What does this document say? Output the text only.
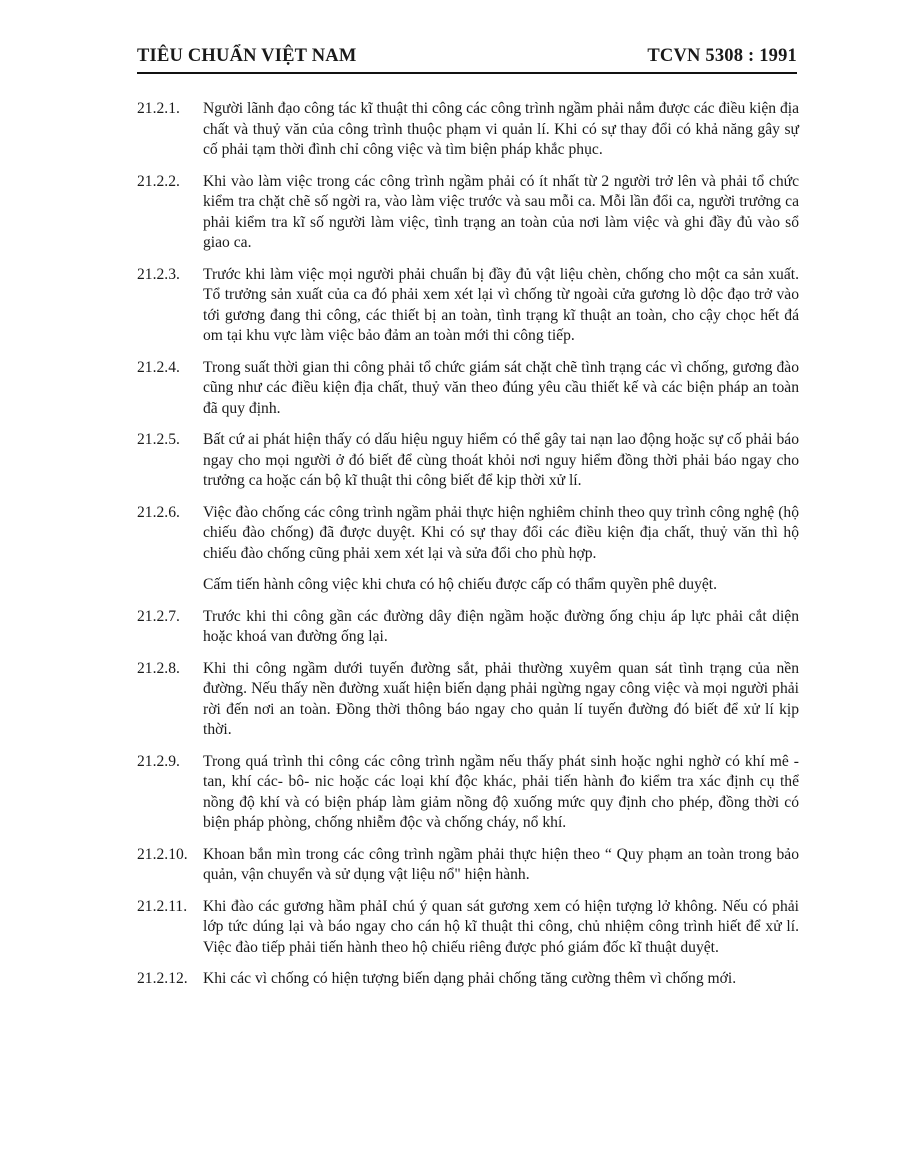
TIÊU CHUẨN VIỆT NAM	TCVN 5308 : 1991
21.2.1.	Người lãnh đạo công tác kĩ thuật thi công các công trình ngầm phải nắm được các điều kiện địa chất và thuỷ văn của công trình thuộc phạm vi quản lí. Khi có sự thay đổi có khả năng gây sự cố phải tạm thời đình chỉ công việc và tìm biện pháp khắc phục.

21.2.2.	Khi vào làm việc trong các công trình ngầm phải có ít nhất từ 2 người trở lên và phải tổ chức kiểm tra chặt chẽ số ngời ra, vào làm việc trước và sau mỗi ca. Mỗi lần đổi ca, người trưởng ca phải kiểm tra kĩ số người làm việc, tình trạng an toàn của nơi làm việc và ghi đầy đủ vào sổ giao ca.

21.2.3.	Trước khi làm việc mọi người phải chuẩn bị đầy đủ vật liệu chèn, chống cho một ca sản xuất. Tổ trưởng sản xuất của ca đó phải xem xét lại vì chống từ ngoài cửa gương lò dộc đạo trở vào tới gương đang thi công, các thiết bị an toàn, tình trạng kĩ thuật an toàn, cho cậy chọc hết đá om tại khu vực làm việc bảo đảm an toàn mới thi công tiếp.

21.2.4.	Trong suất thời gian thi công phải tổ chức giám sát chặt chẽ tình trạng các vì chống, gương đào cũng như các điều kiện địa chất, thuỷ văn theo đúng yêu cầu thiết kế và các biện pháp an toàn đã quy định.

21.2.5.	Bất cứ ai phát hiện thấy có dấu hiệu nguy hiểm có thể gây tai nạn lao động hoặc sự cố phải báo ngay cho mọi người ở đó biết để cùng thoát khỏi nơi nguy hiểm đồng thời phải báo ngay cho trưởng ca hoặc cán bộ kĩ thuật thi công biết để kịp thời xử lí.

21.2.6.	Việc đào chống các công trình ngầm phải thực hiện nghiêm chỉnh theo quy trình công nghệ (hộ chiếu đào chống) đã được duyệt. Khi có sự thay đổi các điều kiện địa chất, thuỷ văn thì hộ chiếu đào chống cũng phải xem xét lại và sửa đổi cho phù hợp.

Cấm tiến hành công việc khi chưa có hộ chiếu được cấp có thẩm quyền phê duyệt.

21.2.7.	Trước khi thi công gần các đường dây điện ngầm hoặc đường ống chịu áp lực phải cắt diện hoặc khoá van đường ống lại.

21.2.8.	Khi thi công ngầm dưới tuyến đường sắt, phải thường xuyêm quan sát tình trạng của nền đường. Nếu thấy nền đường xuất hiện biến dạng phải ngừng ngay công việc và mọi người phải rời đến nơi an toàn. Đồng thời thông báo ngay cho quản lí tuyến đường đó biết để xử lí kịp thời.

21.2.9.	Trong quá trình thi công các công trình ngầm nếu thấy phát sinh hoặc nghi nghờ có khí mê - tan, khí các- bô- nic hoặc các loại khí độc khác, phải tiến hành đo kiểm tra xác định cụ thể nồng độ khí và có biện pháp làm giảm nồng độ xuống mức quy định cho phép, đồng thời có biện pháp phòng, chống nhiễm độc và chống cháy, nổ khí.

21.2.10. Khoan bắn mìn trong các công trình ngầm phải thực hiện theo “ Quy phạm an toàn trong bảo quản, vận chuyển và sử dụng vật liệu nổ" hiện hành.

21.2.11.	Khi đào các gương hầm phảI chú ý quan sát gương xem có hiện tượng lở không. Nếu có phải lớp tức dúng lại và báo ngay cho cán hộ kĩ thuật thi công, chủ nhiệm công trình hiết để xử lí. Việc đào tiếp phải tiến hành theo hộ chiếu riêng được phó giám đốc kĩ thuật duyệt.

21.2.12. Khi các vì chống có hiện tượng biến dạng phải chống tăng cường thêm vì chống mới.
